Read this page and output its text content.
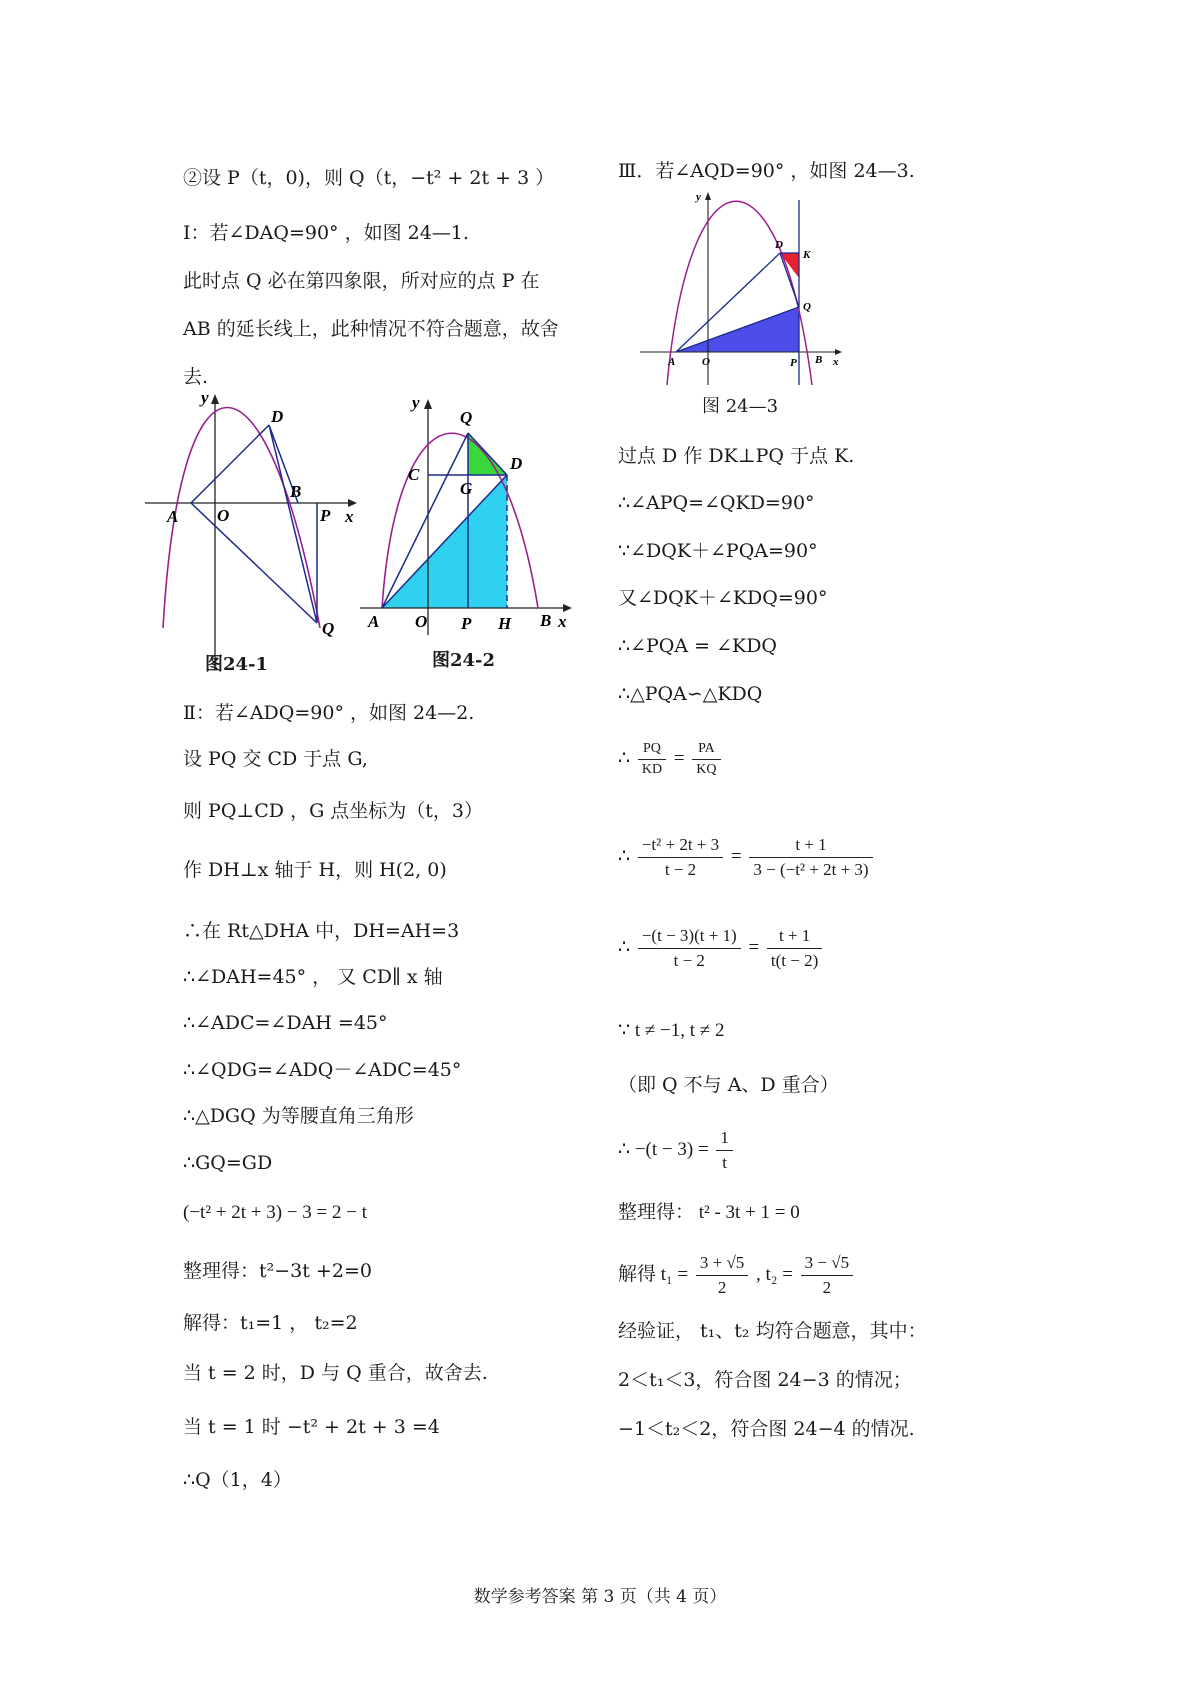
②设 P（t，0)，则 Q（t，−t² + 2t + 3 ）
Ⅰ：若∠DAQ=90° ，如图 24—1.
此时点 Q 必在第四象限，所对应的点 P 在
AB 的延长线上，此种情况不符合题意，故舍
去.
y
x
A O
B
P
D
Q
图24-1
y
x
A O	B
P H
C
G
D
Q
图24-2
Ⅱ：若∠ADQ=90° ，如图 24—2.
设 PQ 交 CD 于点 G,
则 PQ⊥CD ，G 点坐标为（t，3）
作 DH⊥x 轴于 H，则 H(2, 0)
∴在 Rt△DHA 中，DH=AH=3
∴∠DAH=45° ， 又 CD∥ x 轴
∴∠ADC=∠DAH =45°
∴∠QDG=∠ADQ－∠ADC=45°
∴△DGQ 为等腰直角三角形
∴GQ=GD
(−t² + 2t + 3) − 3 = 2 − t
整理得：t²−3t +2=0
解得：t₁=1 ， t₂=2
当 t = 2 时，D 与 Q 重合，故舍去.
当 t = 1 时 −t² + 2t + 3 =4
∴Q（1，4）
Ⅲ．若∠AQD=90° ，如图 24—3.
y
x
A O	B
P
D
K
Q
图 24—3
过点 D 作 DK⊥PQ 于点 K.
∴∠APQ=∠QKD=90°
∵∠DQK＋∠PQA=90°
又∠DQK＋∠KDQ=90°
∴∠PQA = ∠KDQ
∴△PQA∽△KDQ
∴ $\frac{PQ}{KD} = \frac{PA}{KQ}$
∴ $\frac{\text{−t² + 2t + 3}}{t - 2} = \frac{t + 1}{\text{3 − (−t² + 2t + 3)}}$
∴ $\frac{-(t - 3)(t + 1)}{t - 2} = \frac{t + 1}{t(t - 2)}$
∵ t ≠ −1, t ≠ 2
（即 Q 不与 A、D 重合）
∴ $-(t - 3) = \frac{1}{t}$
整理得： t² - 3t + 1 = 0
解得 $t_1 = \frac{3 + √5}{2}$ , $t_2 = \frac{3 - √5}{2}$
经验证， t₁、t₂ 均符合题意，其中：
2＜t₁＜3，符合图 24−3 的情况；
−1＜t₂＜2，符合图 24−4 的情况.
数学参考答案 第 3 页（共 4 页）
